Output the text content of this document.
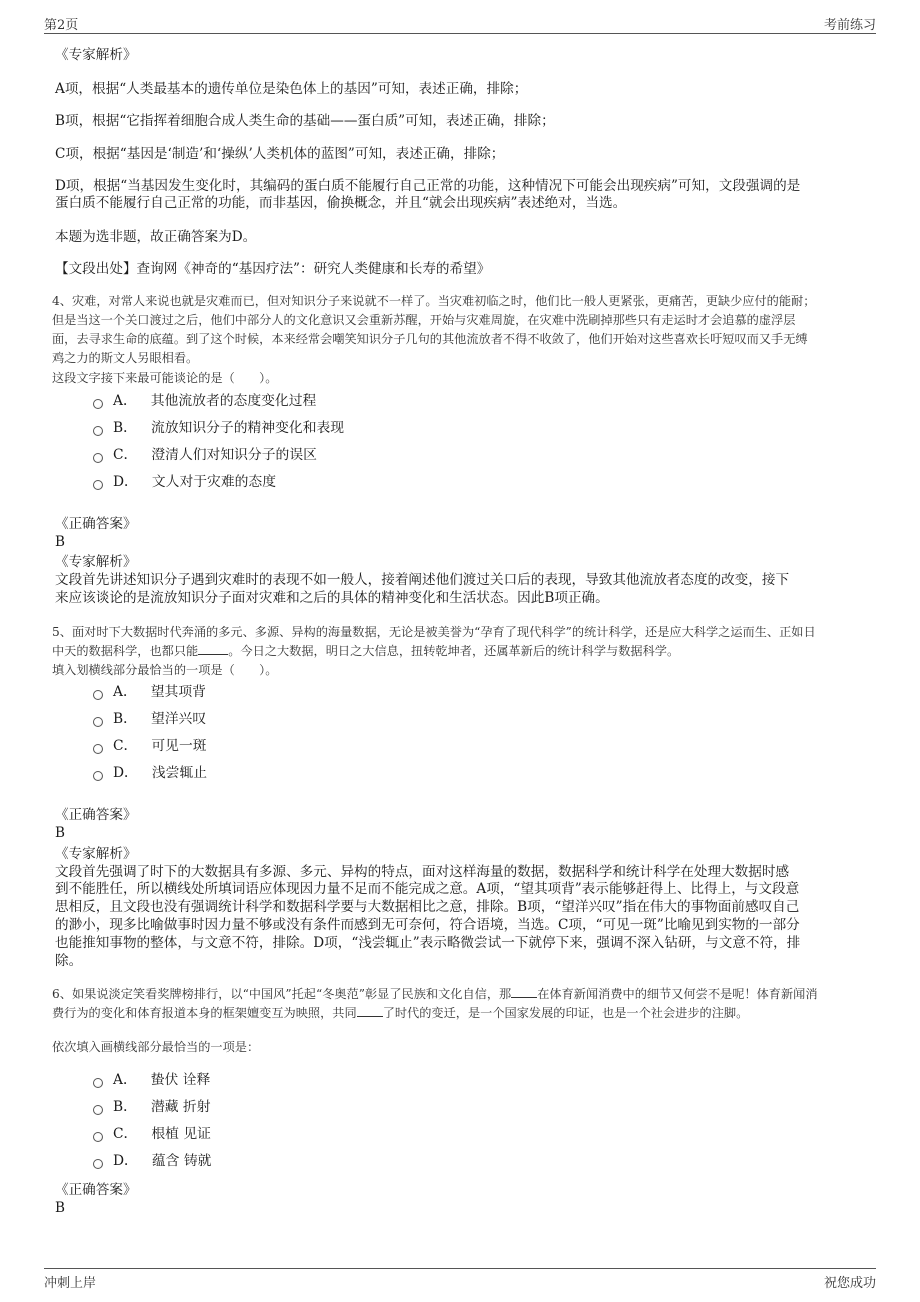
第2页	考前练习
《专家解析》
A项，根据“人类最基本的遗传单位是染色体上的基因”可知，表述正确，排除；
B项，根据“它指挥着细胞合成人类生命的基础——蛋白质”可知，表述正确，排除；
C项，根据“基因是‘制造’和‘操纵’人类机体的蓝图”可知，表述正确，排除；
D项，根据“当基因发生变化时，其编码的蛋白质不能履行自己正常的功能，这种情况下可能会出现疾病”可知，文段强调的是
蛋白质不能履行自己正常的功能，而非基因，偷换概念，并且“就会出现疾病”表述绝对，当选。
本题为选非题，故正确答案为D。
【文段出处】查询网《神奇的“基因疗法”：研究人类健康和长寿的希望》
4、灾难，对常人来说也就是灾难而已，但对知识分子来说就不一样了。当灾难初临之时，他们比一般人更紧张，更痛苦，更缺少应付的能耐；
但是当这一个关口渡过之后，他们中部分人的文化意识又会重新苏醒，开始与灾难周旋，在灾难中洗刷掉那些只有走运时才会追慕的虚浮层
面，去寻求生命的底蕴。到了这个时候，本来经常会嘲笑知识分子几句的其他流放者不得不收敛了，他们开始对这些喜欢长吁短叹而又手无缚
鸡之力的斯文人另眼相看。
这段文字接下来最可能谈论的是（　　）。
A． 其他流放者的态度变化过程
B． 流放知识分子的精神变化和表现
C． 澄清人们对知识分子的误区
D． 文人对于灾难的态度
《正确答案》
B
《专家解析》
文段首先讲述知识分子遇到灾难时的表现不如一般人，接着阐述他们渡过关口后的表现，导致其他流放者态度的改变，接下
来应该谈论的是流放知识分子面对灾难和之后的具体的精神变化和生活状态。因此B项正确。
5、面对时下大数据时代奔涌的多元、多源、异构的海量数据，无论是被美誉为“孕育了现代科学”的统计科学，还是应大科学之运而生、正如日
中天的数据科学，也都只能 。今日之大数据，明日之大信息，扭转乾坤者，还属革新后的统计科学与数据科学。
填入划横线部分最恰当的一项是（　　）。
A． 望其项背
B． 望洋兴叹
C． 可见一斑
D． 浅尝辄止
《正确答案》
B
《专家解析》
文段首先强调了时下的大数据具有多源、多元、异构的特点，面对这样海量的数据，数据科学和统计科学在处理大数据时感
到不能胜任，所以横线处所填词语应体现因力量不足而不能完成之意。A项，“望其项背”表示能够赶得上、比得上，与文段意
思相反，且文段也没有强调统计科学和数据科学要与大数据相比之意，排除。B项，“望洋兴叹”指在伟大的事物面前感叹自己
的渺小，现多比喻做事时因力量不够或没有条件而感到无可奈何，符合语境，当选。C项，“可见一斑”比喻见到实物的一部分
也能推知事物的整体，与文意不符，排除。D项，“浅尝辄止”表示略微尝试一下就停下来，强调不深入钻研，与文意不符，排
除。
6、如果说淡定笑看奖牌榜排行，以“中国风”托起“冬奥范”彰显了民族和文化自信，那 在体育新闻消费中的细节又何尝不是呢！体育新闻消
费行为的变化和体育报道本身的框架嬗变互为映照，共同 了时代的变迁，是一个国家发展的印证，也是一个社会进步的注脚。
依次填入画横线部分最恰当的一项是：
A． 蛰伏 诠释
B． 潜藏 折射
C． 根植 见证
D． 蕴含 铸就
《正确答案》
B
冲刺上岸	祝您成功
